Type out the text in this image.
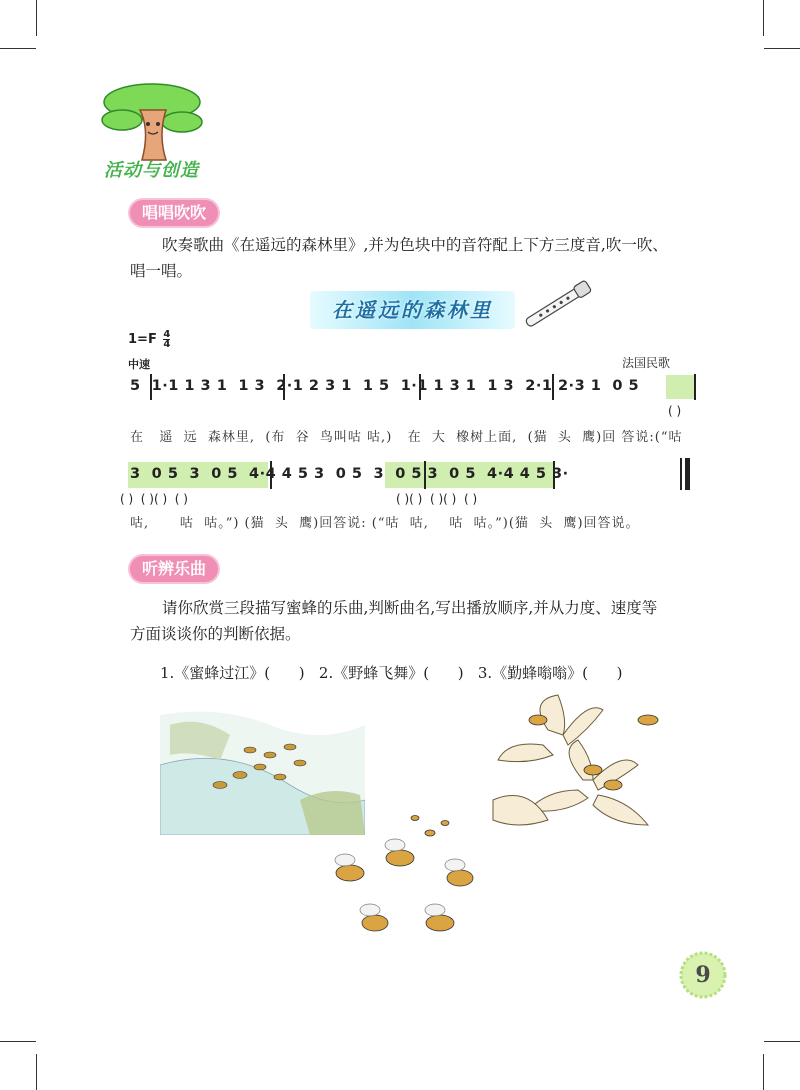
活动与创造
唱唱吹吹
吹奏歌曲《在遥远的森林里》,并为色块中的音符配上下方三度音,吹一吹、
唱一唱。
在遥远的森林里
$1=F \frac{4}{4}$
中速	法国民歌
5  1·1 1 3 1  1 3  2·1 2 3 1  1 5  1·1 1 3 1  1 3  2·1 2·3 1  0 5
( )
在   遥  远  森林里,  (布  谷  鸟叫咕 咕,)   在  大  橡树上面,  (猫  头  鹰)回 答说:(“咕
3  0 5  3  0 5  4·4 4 5 3  0 5  3  0 5 3  0 5  4·4 4 5 3·
( )  ( )( )  ( )	( )( )  ( )( )  ( )
咕,      咕  咕。”) (猫  头  鹰)回答说: (“咕  咕,    咕  咕。”)(猫  头  鹰)回答说。
听辨乐曲
请你欣赏三段描写蜜蜂的乐曲,判断曲名,写出播放顺序,并从力度、速度等
方面谈谈你的判断依据。
1.《蜜蜂过江》(      )   2.《野蜂飞舞》(      )   3.《勤蜂嗡嗡》(      )
9
